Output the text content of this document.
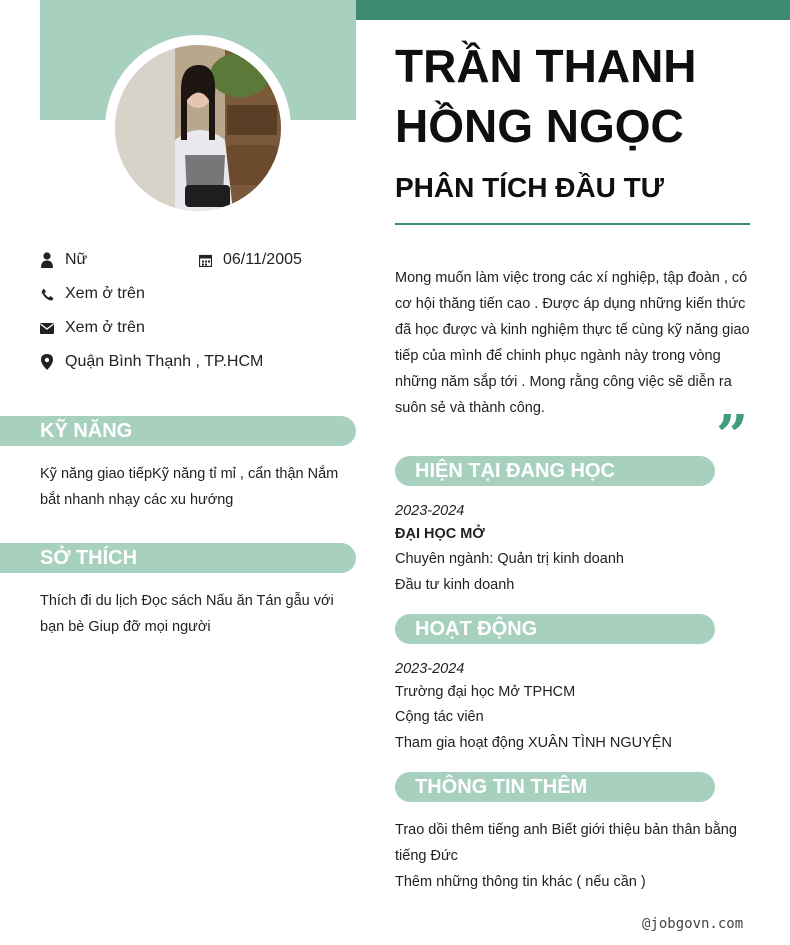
Nữ	06/11/2005
Xem ở trên
Xem ở trên
Quận Bình Thạnh , TP.HCM
KỸ NĂNG
Kỹ năng giao tiếpKỹ năng tỉ mỉ , cẩn thận Nắm bắt nhanh nhạy các xu hướng
SỞ THÍCH
Thích đi du lịch Đọc sách Nấu ăn Tán gẫu với bạn bè Giup đỡ mọi người
TRẦN THANH
HỒNG NGỌC
PHÂN TÍCH ĐẦU TƯ
Mong muốn làm việc trong các xí nghiệp, tập đoàn , có cơ hội thăng tiến cao . Được áp dụng những kiến thức đã học được và kinh nghiệm thực tế cùng kỹ năng giao tiếp của mình để chinh phục ngành này trong vòng những năm sắp tới . Mong rằng công việc sẽ diễn ra suôn sẻ và thành công.	”
HIỆN TẠI ĐANG HỌC
2023-2024
ĐẠI HỌC MỞ
Chuyên ngành: Quản trị kinh doanh
Đầu tư kinh doanh
HOẠT ĐỘNG
2023-2024
Trường đại học Mở TPHCM
Cộng tác viên
Tham gia hoạt động XUÂN TÌNH NGUYỆN
THÔNG TIN THÊM
Trao dồi thêm tiếng anh Biết giới thiệu bản thân bằng tiếng Đức
Thêm những thông tin khác ( nếu cần )
@jobgovn.com
